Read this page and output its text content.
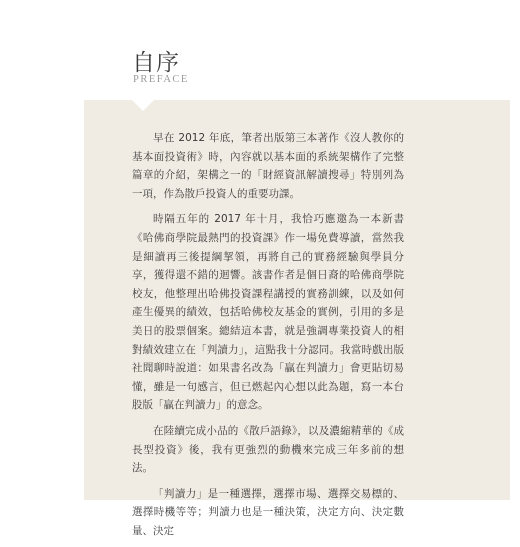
自序
PREFACE

早在 2012 年底，筆者出版第三本著作《沒人教你的基本面投資術》時，內容就以基本面的系統架構作了完整篇章的介紹，架構之一的「財經資訊解讀搜尋」特別列為一項，作為散戶投資人的重要功課。

時隔五年的 2017 年十月，我恰巧應邀為一本新書《哈佛商學院最熱門的投資課》作一場免費導讀，當然我是細讀再三後提綱挈領，再將自己的實務經驗與學員分享，獲得還不錯的迴響。該書作者是個日裔的哈佛商學院校友，他整理出哈佛投資課程講授的實務訓練，以及如何產生優異的績效，包括哈佛校友基金的實例，引用的多是美日的股票個案。總結這本書，就是強調專業投資人的相對績效建立在「判讀力」，這點我十分認同。我當時戲出版社聞聊時說道：如果書名改為「贏在判讀力」會更貼切易懂，雖是一句感言，但已燃起內心想以此為題，寫一本台股版「贏在判讀力」的意念。

在陸續完成小品的《散戶語錄》，以及濃縮精華的《成長型投資》後，我有更強烈的動機來完成三年多前的想法。

「判讀力」是一種選擇，選擇市場、選擇交易標的、選擇時機等等；判讀力也是一種決策，決定方向、決定數量、決定
